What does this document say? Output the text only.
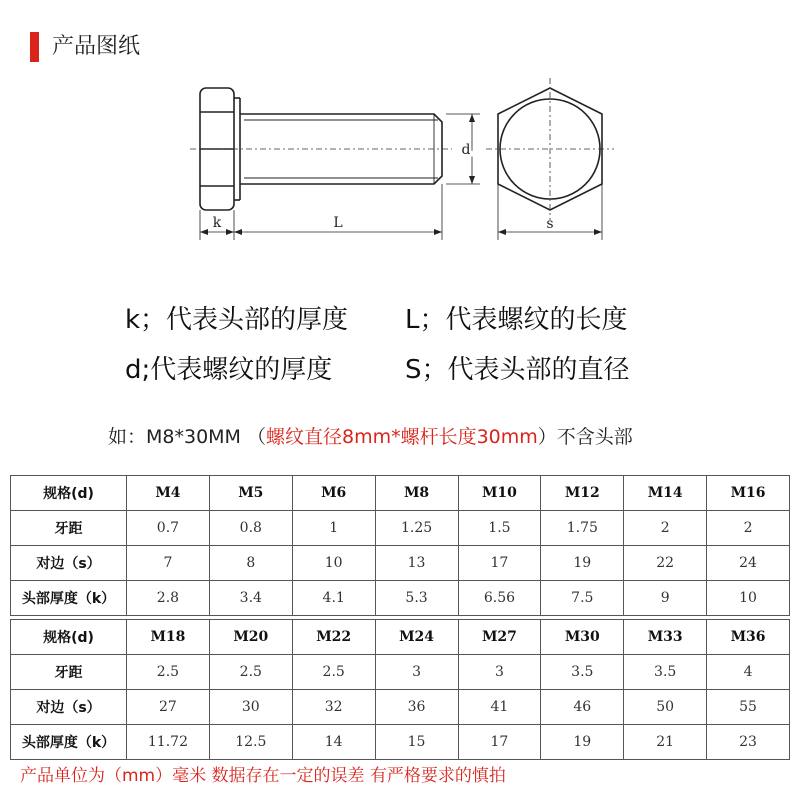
产品图纸
d
k	L	s
k；代表头部的厚度 L；代表螺纹的长度
d;代表螺纹的厚度	S；代表头部的直径
如：M8*30MM （螺纹直径8mm*螺杆长度30mm）不含头部
规格(d)	M4	M5	M6	M8	M10	M12	M14	M16
牙距	0.7	0.8	1	1.25	1.5	1.75	2	2
对边（s）	7	8	10	13	17	19	22	24
头部厚度（k）	2.8	3.4	4.1	5.3	6.56	7.5	9	10
规格(d)	M18	M20	M22	M24	M27	M30	M33	M36
牙距	2.5	2.5	2.5	3	3	3.5	3.5	4
对边（s）	27	30	32	36	41	46	50	55
头部厚度（k）	11.72	12.5	14	15	17	19	21	23
产品单位为（mm）毫米 数据存在一定的误差 有严格要求的慎拍
